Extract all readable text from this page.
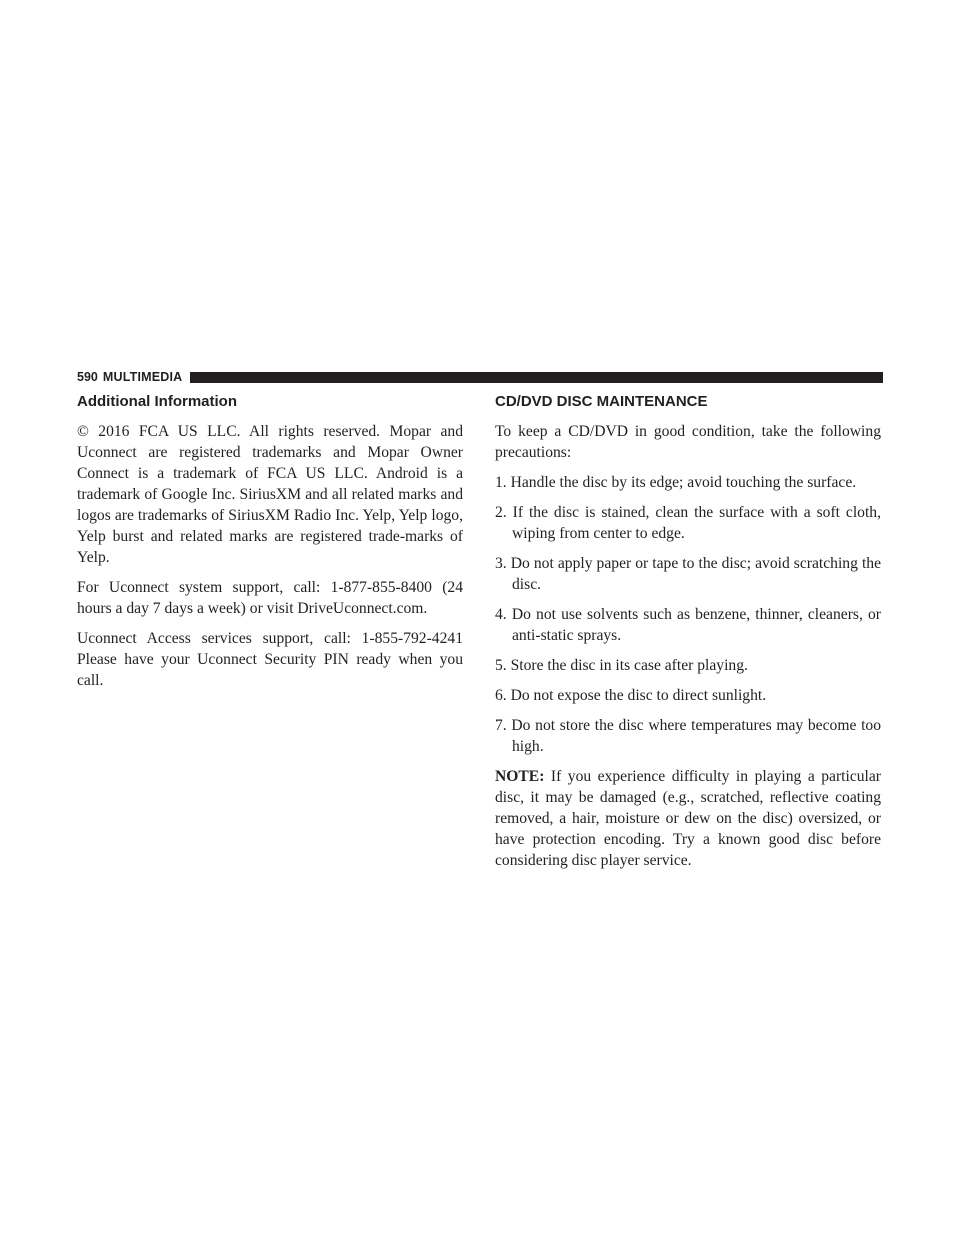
590 MULTIMEDIA
Additional Information

© 2016 FCA US LLC. All rights reserved. Mopar and Uconnect are registered trademarks and Mopar Owner Connect is a trademark of FCA US LLC. Android is a trademark of Google Inc. SiriusXM and all related marks and logos are trademarks of SiriusXM Radio Inc. Yelp, Yelp logo, Yelp burst and related marks are registered trade-marks of Yelp.

For Uconnect system support, call: 1-877-855-8400 (24 hours a day 7 days a week) or visit DriveUconnect.com.

Uconnect Access services support, call: 1-855-792-4241 Please have your Uconnect Security PIN ready when you call.

CD/DVD DISC MAINTENANCE

To keep a CD/DVD in good condition, take the following precautions:

1. Handle the disc by its edge; avoid touching the surface.
2. If the disc is stained, clean the surface with a soft cloth, wiping from center to edge.
3. Do not apply paper or tape to the disc; avoid scratching the disc.
4. Do not use solvents such as benzene, thinner, cleaners, or anti-static sprays.
5. Store the disc in its case after playing.
6. Do not expose the disc to direct sunlight.
7. Do not store the disc where temperatures may become too high.

NOTE: If you experience difficulty in playing a particular disc, it may be damaged (e.g., scratched, reflective coating removed, a hair, moisture or dew on the disc) oversized, or have protection encoding. Try a known good disc before considering disc player service.
